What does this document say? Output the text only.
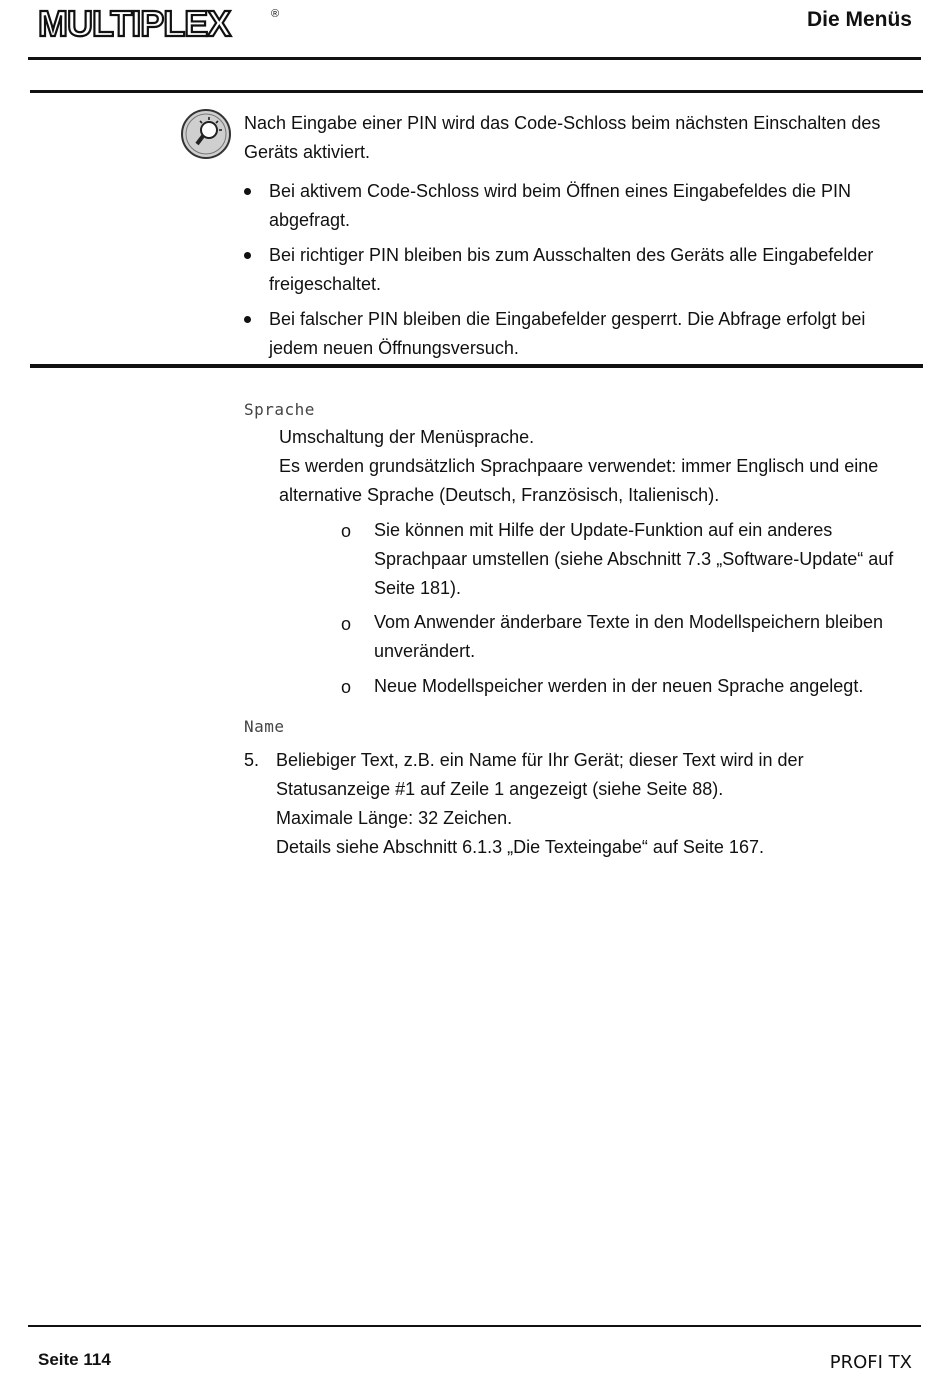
MULTIPLEX	®	Die Menüs
Nach Eingabe einer PIN wird das Code-Schloss beim nächsten Einschalten des
Geräts aktiviert.
Bei aktivem Code-Schloss wird beim Öffnen eines Eingabefeldes die PIN
abgefragt.
Bei richtiger PIN bleiben bis zum Ausschalten des Geräts alle Eingabefelder
freigeschaltet.
Bei falscher PIN bleiben die Eingabefelder gesperrt. Die Abfrage erfolgt bei
jedem neuen Öffnungsversuch.
Sprache
Umschaltung der Menüsprache.
Es werden grundsätzlich Sprachpaare verwendet: immer Englisch und eine
alternative Sprache (Deutsch, Französisch, Italienisch).
o Sie können mit Hilfe der Update-Funktion auf ein anderes
Sprachpaar umstellen (siehe Abschnitt 7.3 „Software-Update“ auf
Seite 181).
o Vom Anwender änderbare Texte in den Modellspeichern bleiben
unverändert.
o Neue Modellspeicher werden in der neuen Sprache angelegt.
Name
5. Beliebiger Text, z.B. ein Name für Ihr Gerät; dieser Text wird in der
Statusanzeige #1 auf Zeile 1 angezeigt (siehe Seite 88).
Maximale Länge: 32 Zeichen.
Details siehe Abschnitt 6.1.3 „Die Texteingabe“ auf Seite 167.
Seite 114	PROFI TX
